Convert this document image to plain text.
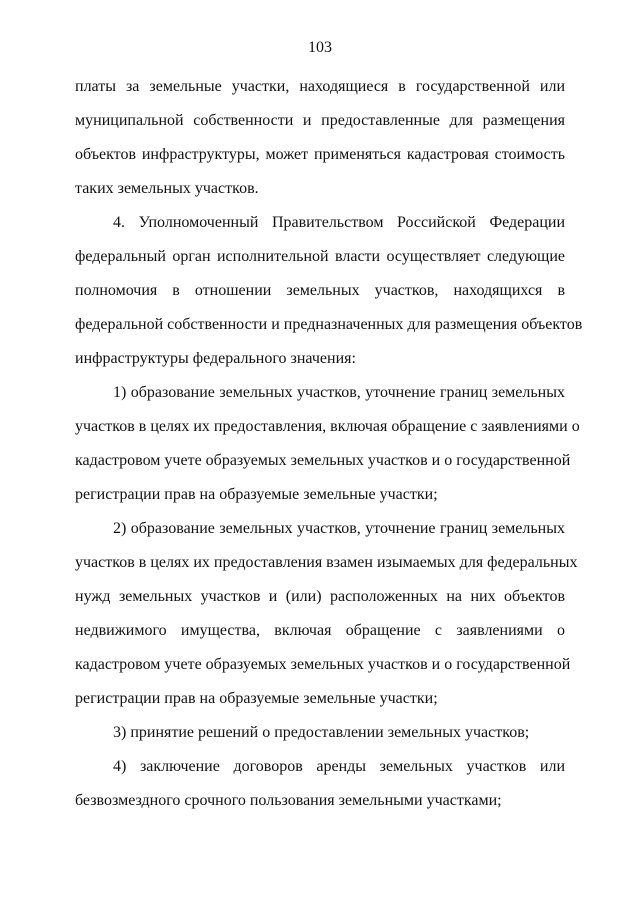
103
платы за земельные участки, находящиеся в государственной или
муниципальной собственности и предоставленные для размещения
объектов инфраструктуры, может применяться кадастровая стоимость
таких земельных участков.
4. Уполномоченный Правительством Российской Федерации
федеральный орган исполнительной власти осуществляет следующие
полномочия в отношении земельных участков, находящихся в
федеральной собственности и предназначенных для размещения объектов
инфраструктуры федерального значения:
1) образование земельных участков, уточнение границ земельных
участков в целях их предоставления, включая обращение с заявлениями о
кадастровом учете образуемых земельных участков и о государственной
регистрации прав на образуемые земельные участки;
2) образование земельных участков, уточнение границ земельных
участков в целях их предоставления взамен изымаемых для федеральных
нужд земельных участков и (или) расположенных на них объектов
недвижимого имущества, включая обращение с заявлениями о
кадастровом учете образуемых земельных участков и о государственной
регистрации прав на образуемые земельные участки;
3) принятие решений о предоставлении земельных участков;
4) заключение договоров аренды земельных участков или
безвозмездного срочного пользования земельными участками;
